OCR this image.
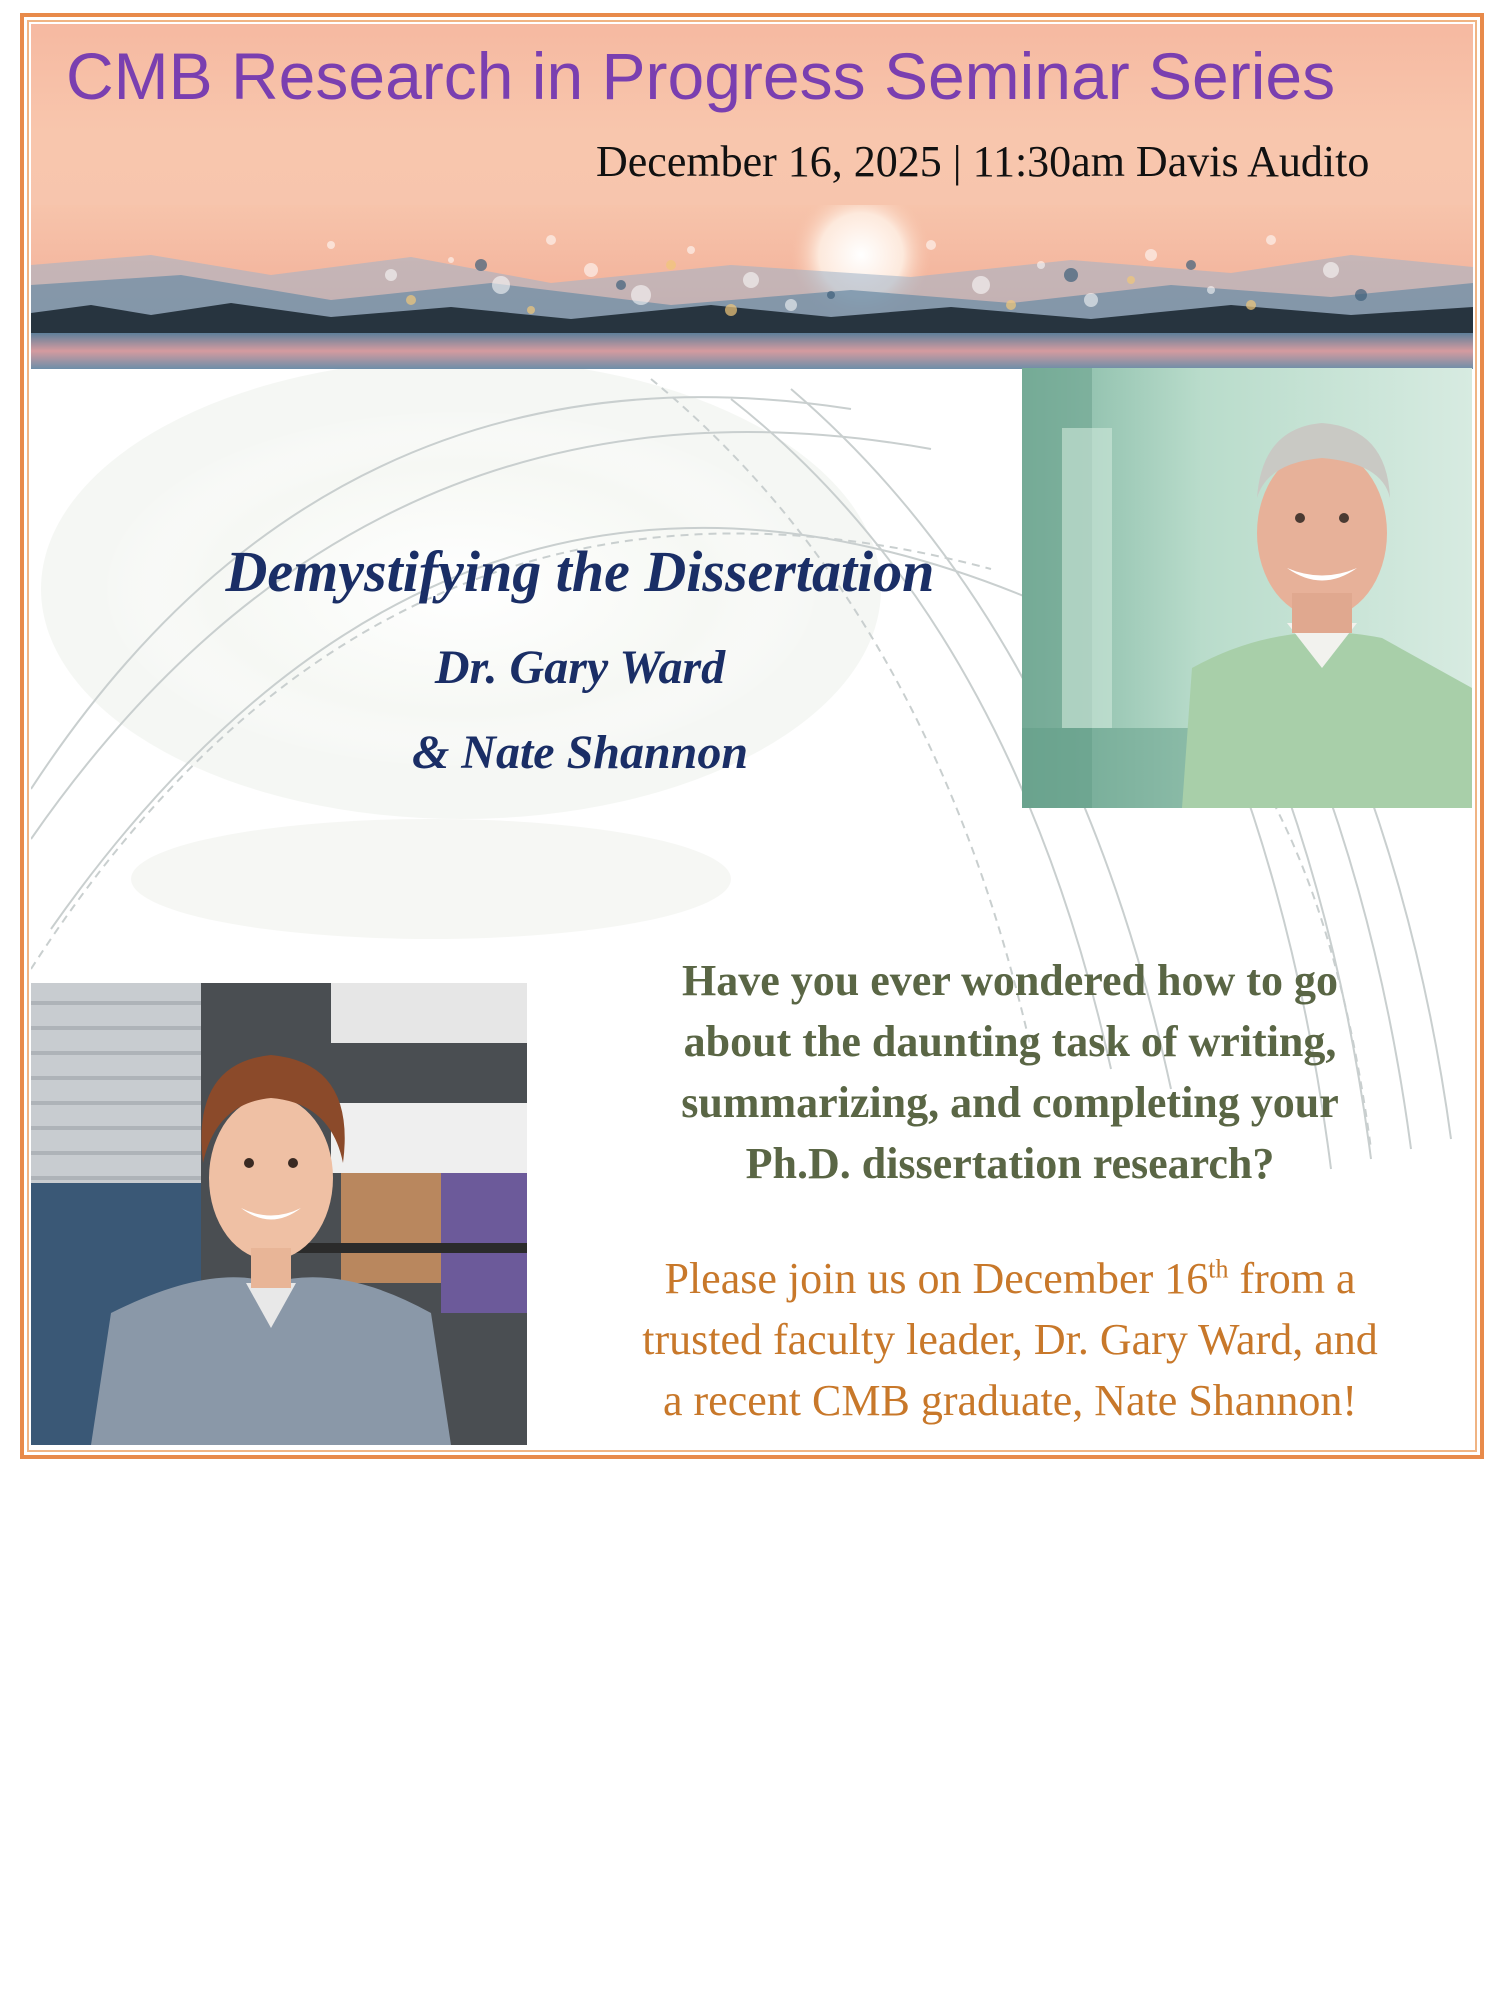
CMB Research in Progress Seminar Series
December 16, 2025 | 11:30am Davis Audito
Demystifying the Dissertation
Dr. Gary Ward
& Nate Shannon
Have you ever wondered how to go
about the daunting task of writing,
summarizing, and completing your
Ph.D. dissertation research?
Please join us on December 16th from a
trusted faculty leader, Dr. Gary Ward, and
a recent CMB graduate, Nate Shannon!
